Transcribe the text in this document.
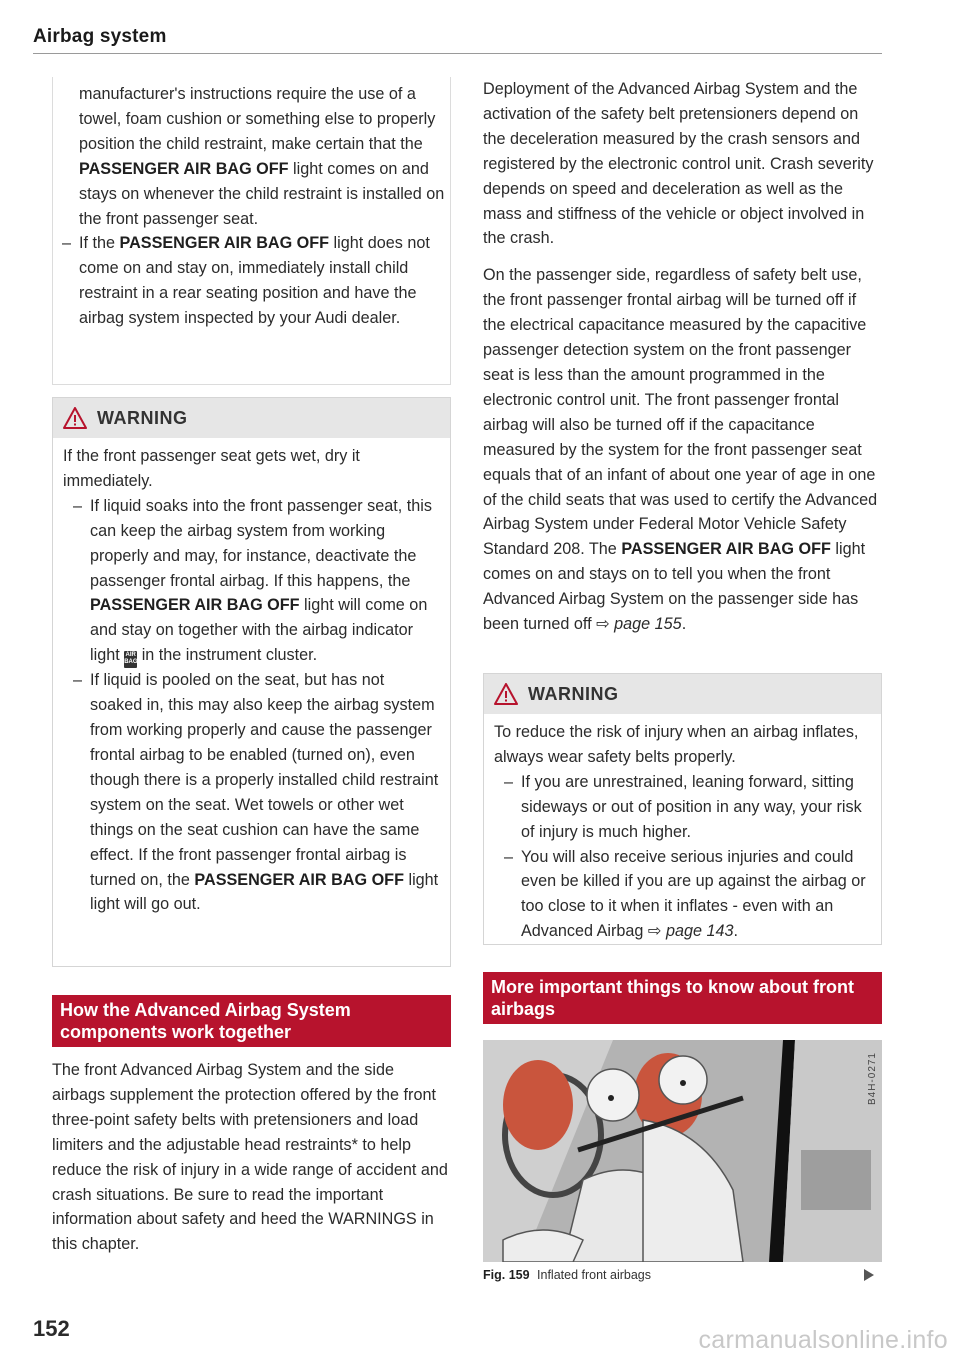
Airbag system

manufacturer's instructions require the use of a towel, foam cushion or something else to properly position the child restraint, make certain that the PASSENGER AIR BAG OFF light comes on and stays on whenever the child restraint is installed on the front passenger seat.

– If the PASSENGER AIR BAG OFF light does not come on and stay on, immediately install child restraint in a rear seating position and have the airbag system inspected by your Audi dealer.

WARNING

If the front passenger seat gets wet, dry it immediately.

– If liquid soaks into the front passenger seat, this can keep the airbag system from working properly and may, for instance, deactivate the passenger frontal airbag. If this happens, the PASSENGER AIR BAG OFF light will come on and stay on together with the airbag indicator light AIR
BAG in the instrument cluster.

– If liquid is pooled on the seat, but has not soaked in, this may also keep the airbag system from working properly and cause the passenger frontal airbag to be enabled (turned on), even though there is a properly installed child restraint system on the seat. Wet towels or other wet things on the seat cushion can have the same effect. If the front passenger frontal airbag is turned on, the PASSENGER AIR BAG OFF light light will go out.

How the Advanced Airbag System components work together

The front Advanced Airbag System and the side airbags supplement the protection offered by the front three-point safety belts with pretensioners and load limiters and the adjustable head restraints* to help reduce the risk of injury in a wide range of accident and crash situations. Be sure to read the important information about safety and heed the WARNINGS in this chapter.

Deployment of the Advanced Airbag System and the activation of the safety belt pretensioners depend on the deceleration measured by the crash sensors and registered by the electronic control unit. Crash severity depends on speed and deceleration as well as the mass and stiffness of the vehicle or object involved in the crash.

On the passenger side, regardless of safety belt use, the front passenger frontal airbag will be turned off if the electrical capacitance measured by the capacitive passenger detection system on the front passenger seat is less than the amount programmed in the electronic control unit. The front passenger frontal airbag will also be turned off if the capacitance measured by the system for the front passenger seat equals that of an infant of about one year of age in one of the child seats that was used to certify the Advanced Airbag System under Federal Motor Vehicle Safety Standard 208. The PASSENGER AIR BAG OFF light comes on and stays on to tell you when the front Advanced Airbag System on the passenger side has been turned off ⇨ page 155.

WARNING

To reduce the risk of injury when an airbag inflates, always wear safety belts properly.

– If you are unrestrained, leaning forward, sitting sideways or out of position in any way, your risk of injury is much higher.

– You will also receive serious injuries and could even be killed if you are up against the airbag or too close to it when it inflates - even with an Advanced Airbag ⇨ page 143.

More important things to know about front airbags
B4H-0271
Fig. 159 Inflated front airbags
152	carmanualsonline.info
